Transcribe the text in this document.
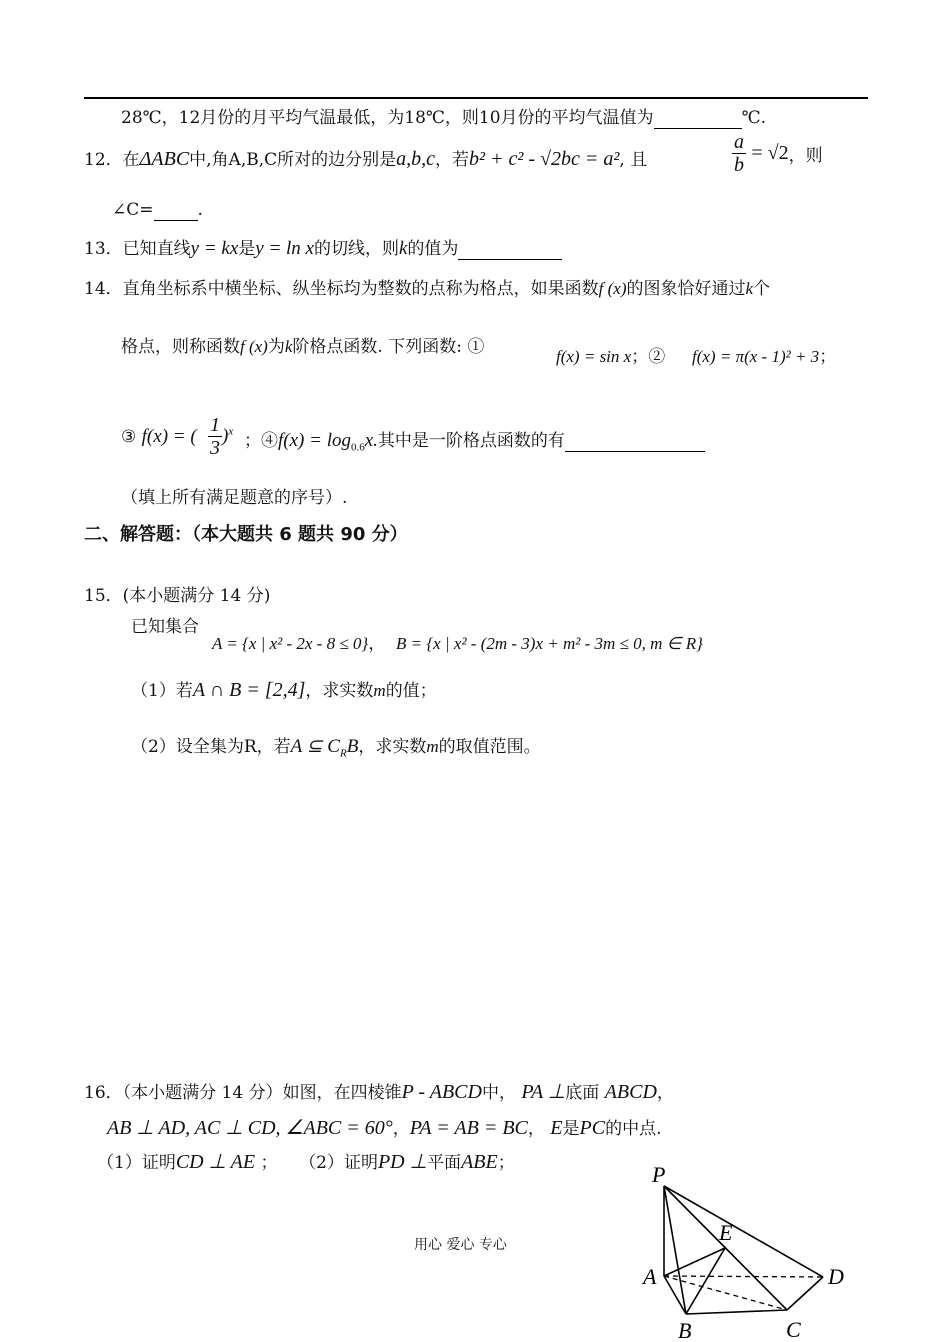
28℃，12月份的月平均气温最低，为18℃，则10月份的平均气温值为	℃.
12．在ΔABC中,角A,B,C所对的边分别是a,b,c，若b² + c² - √2bc = a², 且	$\frac{a}{b} = √2$，则
∠C=	.
13．已知直线y = kx是y = ln x的切线，则k的值为
14．直角坐标系中横坐标、纵坐标均为整数的点称为格点，如果函数f (x)的图象恰好通过k个
格点，则称函数f (x)为k阶格点函数. 下列函数: ①	f(x) = sin x；② f(x) = π(x - 1)² + 3；
③ f(x) = ( $\frac{1}{3} )^x$ ；④f(x) = $\log_{0.6}x$.其中是一阶格点函数的有
（填上所有满足题意的序号）.
二、解答题：（本大题共 6 题共 90 分）
15．(本小题满分 14 分)
已知集合
A = {x | x² - 2x - 8 ≤ 0}， B = {x | x² - (2m - 3)x + m² - 3m ≤ 0, m ∈ R}
（1）若A ∩ B = [2,4]，求实数m的值；
（2）设全集为R，若A ⊆ $C_RB$，求实数m的取值范围。
16．（本小题满分 14 分）如图，在四棱锥P - ABCD中， PA ⊥底面 ABCD，
AB ⊥ AD, AC ⊥ CD, ∠ABC = 60°，PA = AB = BC， E是PC的中点.
（1）证明CD ⊥ AE ； （2）证明PD ⊥平面ABE；	P
E
A	D
C
B
用心 爱心 专心
